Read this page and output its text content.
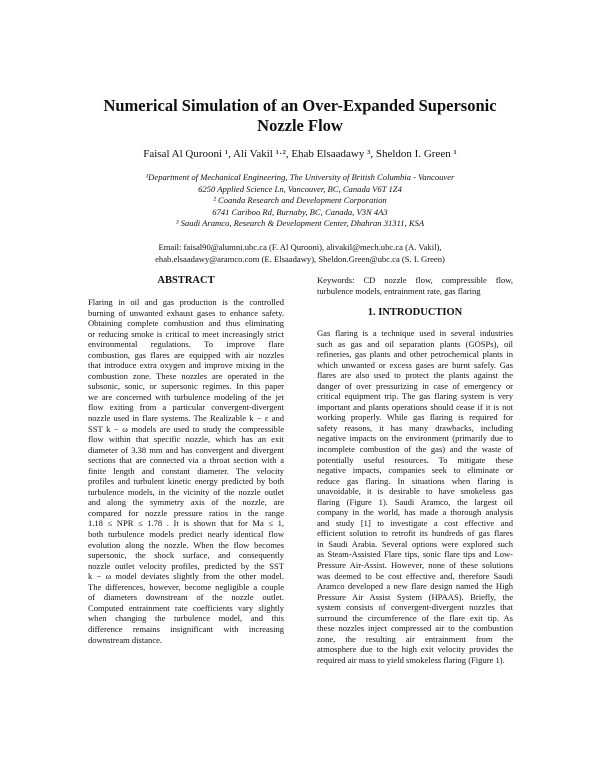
Numerical Simulation of an Over-Expanded Supersonic
Nozzle Flow
Faisal Al Qurooni ¹, Ali Vakil ¹·², Ehab Elsaadawy ³, Sheldon I. Green ¹
¹Department of Mechanical Engineering, The University of British Columbia - Vancouver
6250 Applied Science Ln, Vancouver, BC, Canada V6T 1Z4
² Coanda Research and Development Corporation
6741 Cariboo Rd, Burnaby, BC, Canada, V3N 4A3
³ Saudi Aramco, Research & Development Center, Dhahran 31311, KSA
Email: faisal90@alumni.ubc.ca (F. Al Qurooni), alivakil@mech.ubc.ca (A. Vakil),
ehab.elsaadawy@aramco.com (E. Elsaadawy), Sheldon.Green@ubc.ca (S. I. Green)
ABSTRACT
Flaring in oil and gas production is the controlled
burning of unwanted exhaust gases to enhance safety.
Obtaining complete combustion and thus eliminating
or reducing smoke is critical to meet increasingly strict
environmental regulations. To improve flare
combustion, gas flares are equipped with air nozzles
that introduce extra oxygen and improve mixing in the
combustion zone. These nozzles are operated in the
subsonic, sonic, or supersonic regimes. In this paper
we are concerned with turbulence modeling of the jet
flow exiting from a particular convergent-divergent
nozzle used in flare systems. The Realizable k − ε and
SST k − ω models are used to study the compressible
flow within that specific nozzle, which has an exit
diameter of 3.38 mm and has convergent and divergent
sections that are connected via a throat section with a
finite length and constant diameter. The velocity
profiles and turbulent kinetic energy predicted by both
turbulence models, in the vicinity of the nozzle outlet
and along the symmetry axis of the nozzle, are
compared for nozzle pressure ratios in the range
1.18 ≤ NPR ≤ 1.78 . It is shown that for Ma ≤ 1,
both turbulence models predict nearly identical flow
evolution along the nozzle. When the flow becomes
supersonic, the shock surface, and consequently
nozzle outlet velocity profiles, predicted by the SST
k − ω model deviates slightly from the other model.
The differences, however, become negligible a couple
of diameters downstream of the nozzle outlet.
Computed entrainment rate coefficients vary slightly
when changing the turbulence model, and this
difference remains insignificant with increasing
downstream distance.
Keywords: CD nozzle flow, compressible flow,
turbulence models, entrainment rate, gas flaring
1. INTRODUCTION
Gas flaring is a technique used in several industries
such as gas and oil separation plants (GOSPs), oil
refineries, gas plants and other petrochemical plants in
which unwanted or excess gases are burnt safely. Gas
flares are also used to protect the plants against the
danger of over pressurizing in case of emergency or
critical equipment trip. The gas flaring system is very
important and plants operations should cease if it is not
working properly. While gas flaring is required for
safety reasons, it has many drawbacks, including
negative impacts on the environment (primarily due to
incomplete combustion of the gas) and the waste of
potentially useful resources. To mitigate these
negative impacts, companies seek to eliminate or
reduce gas flaring. In situations when flaring is
unavoidable, it is desirable to have smokeless gas
flaring (Figure 1). Saudi Aramco, the largest oil
company in the world, has made a thorough analysis
and study [1] to investigate a cost effective and
efficient solution to retrofit its hundreds of gas flares
in Saudi Arabia. Several options were explored such
as Steam-Assisted Flare tips, sonic flare tips and Low-
Pressure Air-Assist. However, none of these solutions
was deemed to be cost effective and, therefore Saudi
Aramco developed a new flare design named the High
Pressure Air Assist System (HPAAS). Briefly, the
system consists of convergent-divergent nozzles that
surround the circumference of the flare exit tip. As
these nozzles inject compressed air to the combustion
zone, the resulting air entrainment from the
atmosphere due to the high exit velocity provides the
required air mass to yield smokeless flaring (Figure 1).
